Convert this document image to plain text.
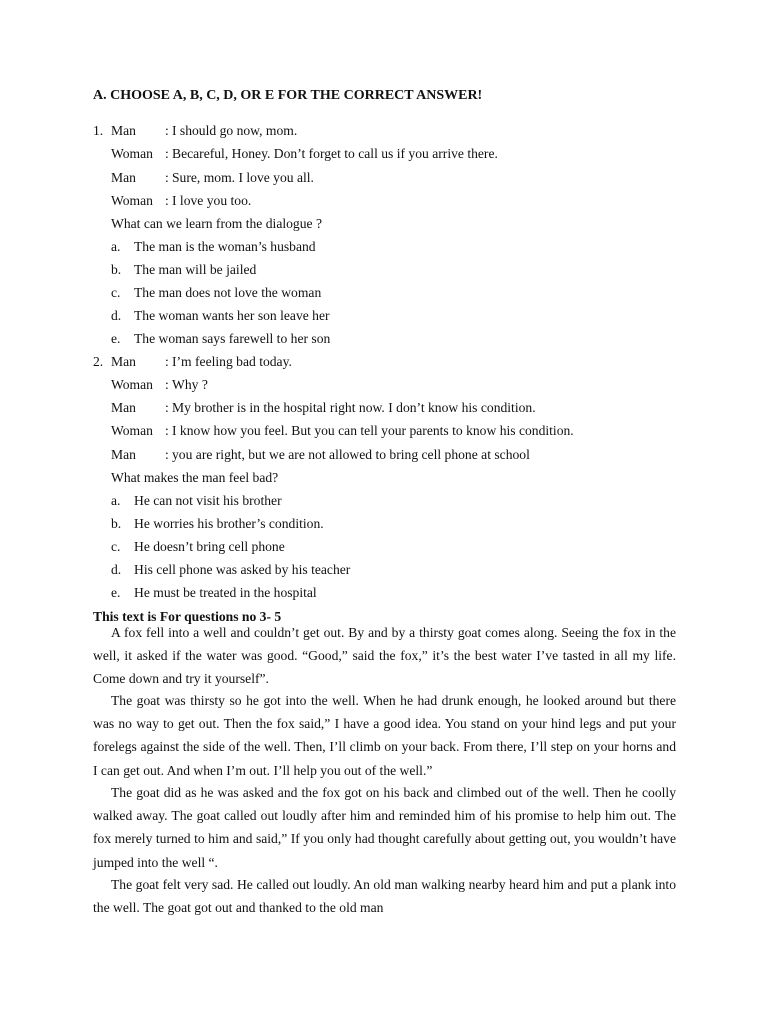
A. CHOOSE A, B, C, D, OR E FOR THE CORRECT ANSWER!
1. Man : I should go now, mom.
Woman : Becareful, Honey. Don’t forget to call us if you arrive there.
Man : Sure, mom. I love you all.
Woman : I love you too.
What can we learn from the dialogue ?
a. The man is the woman’s husband
b. The man will be jailed
c. The man does not love the woman
d. The woman wants her son leave her
e. The woman says farewell to her son
2. Man : I’m feeling bad today.
Woman : Why ?
Man : My brother is in the hospital right now. I don’t know his condition.
Woman : I know how you feel. But you can tell your parents to know his condition.
Man : you are right, but we are not allowed to bring cell phone at school
What makes the man feel bad?
a. He can not visit his brother
b. He worries his brother’s condition.
c. He doesn’t bring cell phone
d. His cell phone was asked by his teacher
e. He must be treated in the hospital
This text is For questions no 3- 5

A fox fell into a well and couldn’t get out. By and by a thirsty goat comes along. Seeing the fox in the well, it asked if the water was good. “Good,” said the fox,” it’s the best water I’ve tasted in all my life. Come down and try it yourself”.

The goat was thirsty so he got into the well. When he had drunk enough, he looked around but there was no way to get out. Then the fox said,” I have a good idea. You stand on your hind legs and put your forelegs against the side of the well. Then, I’ll climb on your back. From there, I’ll step on your horns and I can get out. And when I’m out. I’ll help you out of the well.”

The goat did as he was asked and the fox got on his back and climbed out of the well. Then he coolly walked away. The goat called out loudly after him and reminded him of his promise to help him out. The fox merely turned to him and said,” If you only had thought carefully about getting out, you wouldn’t have jumped into the well “.

The goat felt very sad. He called out loudly. An old man walking nearby heard him and put a plank into the well. The goat got out and thanked to the old man
